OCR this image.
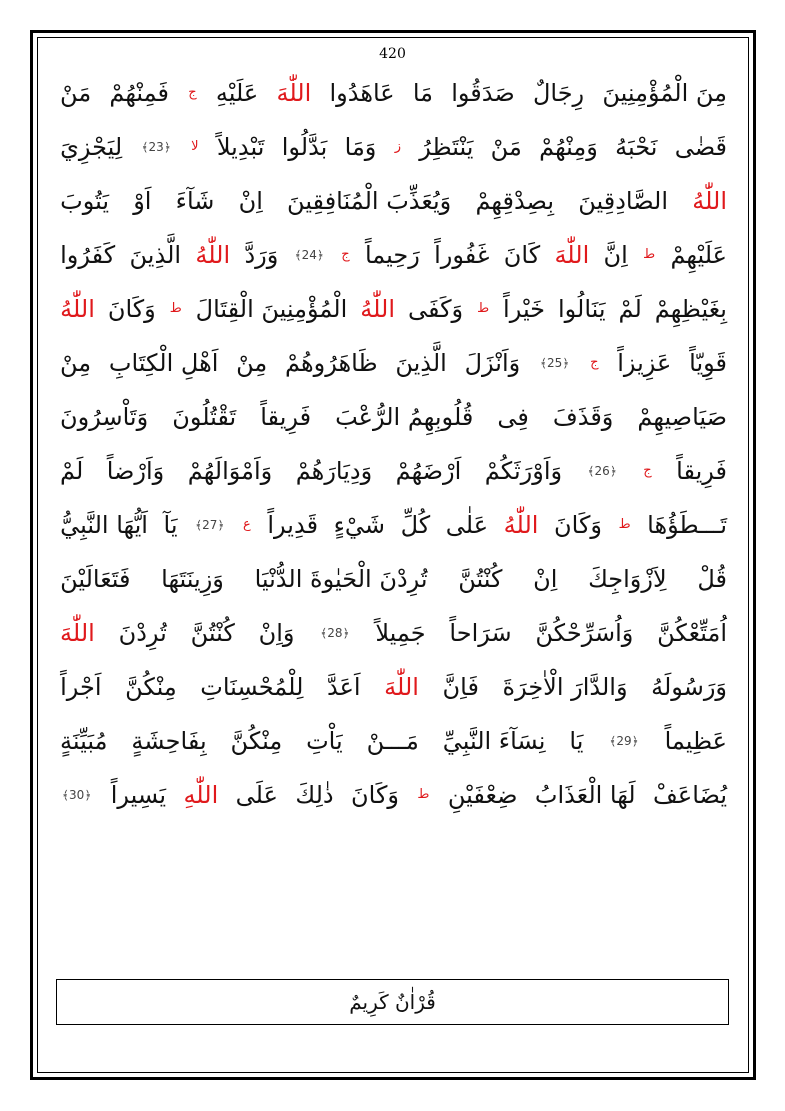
420
مِنَ الْمُؤْمِنِينَ
رِجَالٌ
صَدَقُوا
مَا
عَاهَدُوا
اللّٰهَ
عَلَيْهِ
ج
فَمِنْهُمْ
مَنْ
قَضٰى
نَحْبَهُ
وَمِنْهُمْ
مَنْ
يَنْتَظِرُ
ز
وَمَا
بَدَّلُوا
تَبْدِيلاً
لا
﴿23﴾
لِيَجْزِيَ
اللّٰهُ
الصَّادِقِينَ
بِصِدْقِهِمْ
وَيُعَذِّبَ الْمُنَافِقِينَ
اِنْ
شَآءَ
اَوْ
يَتُوبَ
عَلَيْهِمْ
ط
اِنَّ
اللّٰهَ
كَانَ
غَفُوراً
رَحِيماً
ج
﴿24﴾
وَرَدَّ
اللّٰهُ
الَّذِينَ
كَفَرُوا
بِغَيْظِهِمْ
لَمْ
يَنَالُوا
خَيْراً
ط
وَكَفَى
اللّٰهُ
الْمُؤْمِنِينَ الْقِتَالَ
ط
وَكَانَ
اللّٰهُ
قَوِيّاً
عَزِيزاً
ج
﴿25﴾
وَاَنْزَلَ
الَّذِينَ
ظَاهَرُوهُمْ
مِنْ
اَهْلِ الْكِتَابِ
مِنْ
صَيَاصِيهِمْ
وَقَذَفَ
فِى
قُلُوبِهِمُ الرُّعْبَ
فَرِيقاً
تَقْتُلُونَ
وَتَاْسِرُونَ
فَرِيقاً
ج
﴿26﴾
وَاَوْرَثَكُمْ
اَرْضَهُمْ
وَدِيَارَهُمْ
وَاَمْوَالَهُمْ
وَاَرْضاً
لَمْ
تَـــطَؤُهَا
ط
وَكَانَ
اللّٰهُ
عَلٰى
كُلِّ
شَيْءٍ
قَدِيراً
ع
﴿27﴾
يَآ
اَيُّهَا النَّبِيُّ
قُلْ
لِاَزْوَاجِكَ
اِنْ
كُنْتُنَّ
تُرِدْنَ الْحَيٰوةَ الدُّنْيَا
وَزِينَتَهَا
فَتَعَالَيْنَ
اُمَتِّعْكُنَّ
وَاُسَرِّحْكُنَّ
سَرَاحاً
جَمِيلاً
﴿28﴾
وَاِنْ
كُنْتُنَّ
تُرِدْنَ
اللّٰهَ
وَرَسُولَهُ
وَالدَّارَ الْاٰخِرَةَ
فَاِنَّ
اللّٰهَ
اَعَدَّ
لِلْمُحْسِنَاتِ
مِنْكُنَّ
اَجْراً
عَظِيماً
﴿29﴾
يَا
نِسَآءَ النَّبِيِّ
مَـــنْ
يَاْتِ
مِنْكُنَّ
بِفَاحِشَةٍ
مُبَيِّنَةٍ
يُضَاعَفْ
لَهَا الْعَذَابُ
ضِعْفَيْنِ
ط
وَكَانَ
ذٰلِكَ
عَلَى
اللّٰهِ
يَسِيراً
﴿30﴾
قُرْاٰنٌ كَرِيمٌ
